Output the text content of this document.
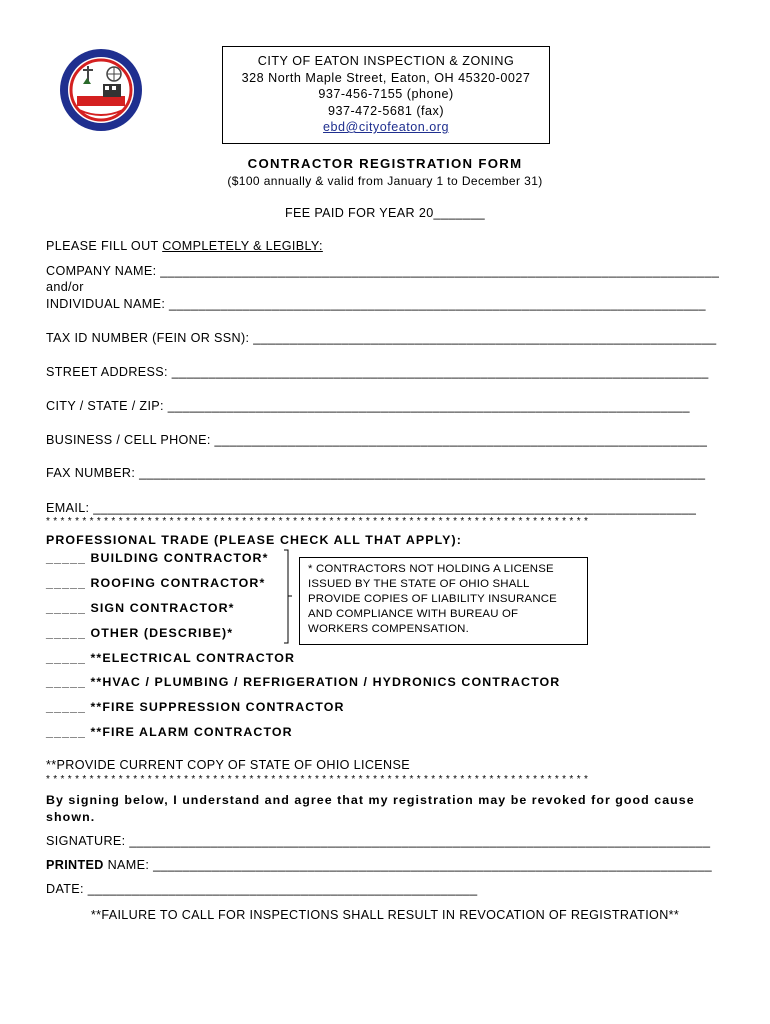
CITY OF EATON INSPECTION & ZONING
328 North Maple Street, Eaton, OH 45320-0027
937-456-7155 (phone)
937-472-5681 (fax)
ebd@cityofeaton.org
CONTRACTOR REGISTRATION FORM
($100 annually & valid from January 1 to December 31)
FEE PAID FOR YEAR 20_______
PLEASE FILL OUT COMPLETELY & LEGIBLY:
COMPANY NAME: ____________________________________________________________________________
and/or
INDIVIDUAL NAME: _________________________________________________________________________
TAX ID NUMBER (FEIN OR SSN): _______________________________________________________________
STREET ADDRESS: _________________________________________________________________________
CITY / STATE / ZIP: _______________________________________________________________________
BUSINESS / CELL PHONE: ___________________________________________________________________
FAX NUMBER: _____________________________________________________________________________
EMAIL: __________________________________________________________________________________
* * * * * * * * * * * * * * * * * * * * * * * * * * * * * * * * * * * * * * * * * * * * * * * * * * * * * * * * * * * * * * * * * * * * * * * * * * *
PROFESSIONAL TRADE (PLEASE CHECK ALL THAT APPLY):
_____ BUILDING CONTRACTOR*
_____ ROOFING CONTRACTOR*
_____ SIGN CONTRACTOR*
_____ OTHER (DESCRIBE)*
* CONTRACTORS NOT HOLDING A LICENSE
ISSUED BY THE STATE OF OHIO SHALL
PROVIDE COPIES OF LIABILITY INSURANCE
AND COMPLIANCE WITH BUREAU OF
WORKERS COMPENSATION.
_____ **ELECTRICAL CONTRACTOR
_____ **HVAC / PLUMBING / REFRIGERATION / HYDRONICS CONTRACTOR
_____ **FIRE SUPPRESSION CONTRACTOR
_____ **FIRE ALARM CONTRACTOR
**PROVIDE CURRENT COPY OF STATE OF OHIO LICENSE
* * * * * * * * * * * * * * * * * * * * * * * * * * * * * * * * * * * * * * * * * * * * * * * * * * * * * * * * * * * * * * * * * * * * * * * * * * *
By signing below, I understand and agree that my registration may be revoked for good cause
shown.
SIGNATURE: _______________________________________________________________________________
PRINTED NAME: ____________________________________________________________________________
DATE: _____________________________________________________
**FAILURE TO CALL FOR INSPECTIONS SHALL RESULT IN REVOCATION OF REGISTRATION**
